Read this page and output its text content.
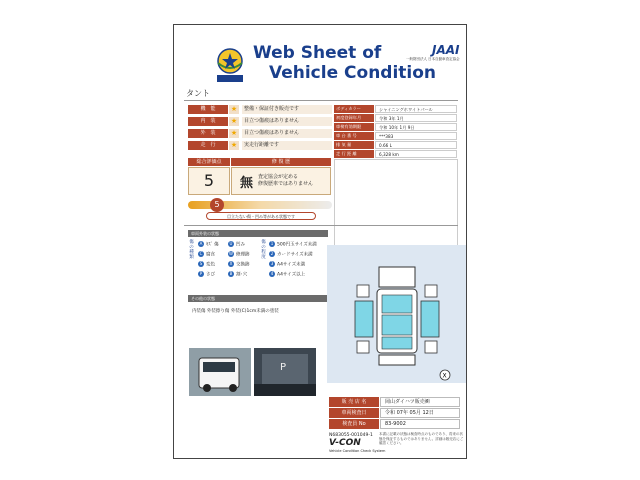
Web Sheet of
Vehicle Condition
JAAI
一般財団法人 日本自動車査定協会
タント
機　能	★	整備・保証付き販売です
内　装	★	目立つ傷痕はありません
外　装	★	目立つ傷痕はありません
走　行	★	実走行距離です
ボディカラー	シャイニングホワイトパール
初度登録年月	令和 3年 1月
車検有効期限	令和 10年 1月 9日
車 台 番 号	***383
排 気 量	0.66 L
走 行 距 離	6,328 km
総合評価点	修 復 歴
5	無 査定協会が定める
修復歴車ではありません
5
目立たない傷・凹み等がある状態です
車両外装の状態
傷の種類
傷の程度
A ｷｽﾞ 傷	U 凹み
C 腐食	W 修理跡
S 変色	X 交換跡
P さび	B 割･穴
1 500円玉サイズ未満
2 カードサイズ未満
3 A4サイズ未満
4 A4サイズ以上
その他の状態
内装傷 外装擦り傷 外装(C)1cm未満の塗装
X
P
販 売 店 名	岡山ダイハツ販売㈱
車両検査日	令和 07年 05月 12日
検査員 No	83-9002
N683055-001049-1
V-CON
Vehicle Condition Check System
本書に記載の状態は検査時点のものであり、将来の状態を保証するものではありません。詳細は販売店にご確認ください。
